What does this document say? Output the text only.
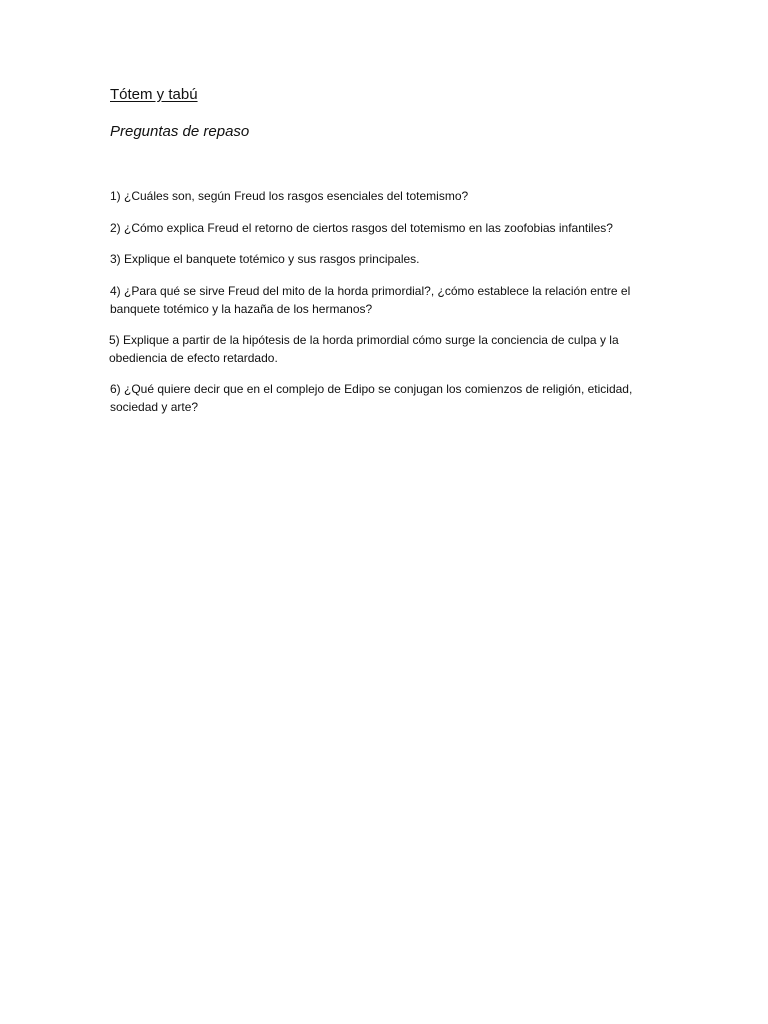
Tótem y tabú
Preguntas de repaso

1) ¿Cuáles son, según Freud los rasgos esenciales del totemismo?

2) ¿Cómo explica Freud el retorno de ciertos rasgos del totemismo en las zoofobias infantiles?

3) Explique el banquete totémico y sus rasgos principales.

4) ¿Para qué se sirve Freud del mito de la horda primordial?, ¿cómo establece la relación entre el banquete totémico y la hazaña de los hermanos?

5) Explique a partir de la hipótesis de la horda primordial cómo surge la conciencia de culpa y la obediencia de efecto retardado.

6) ¿Qué quiere decir que en el complejo de Edipo se conjugan los comienzos de religión, eticidad, sociedad y arte?
